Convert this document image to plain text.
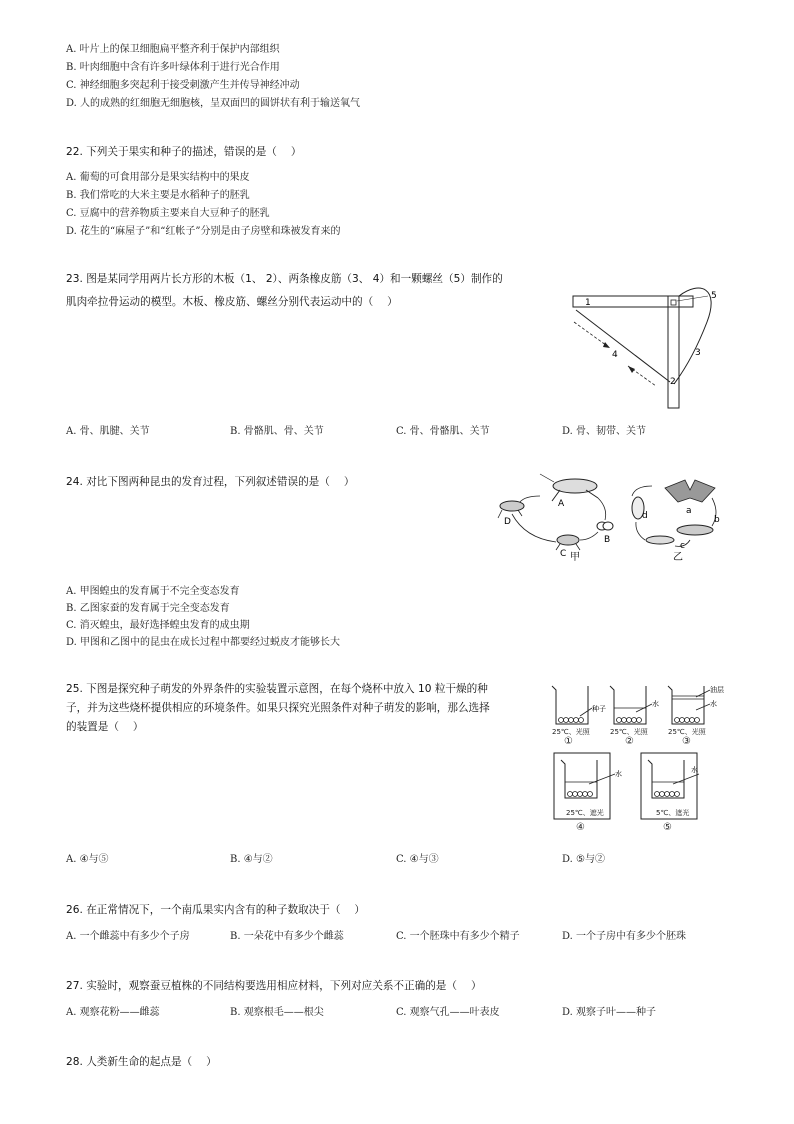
A. 叶片上的保卫细胞扁平整齐利于保护内部组织
B. 叶肉细胞中含有许多叶绿体利于进行光合作用
C. 神经细胞多突起利于接受刺激产生并传导神经冲动
D. 人的成熟的红细胞无细胞核，呈双面凹的圆饼状有利于输送氧气
22. 下列关于果实和种子的描述，错误的是（　 ）
A. 葡萄的可食用部分是果实结构中的果皮
B. 我们常吃的大米主要是水稻种子的胚乳
C. 豆腐中的营养物质主要来自大豆种子的胚乳
D. 花生的“麻屋子”和“红帐子”分别是由子房壁和珠被发育来的
23. 图是某同学用两片长方形的木板（1、 2）、两条橡皮筋（3、 4）和一颗螺丝（5）制作的
肌肉牵拉骨运动的模型。木板、橡皮筋、螺丝分别代表运动中的（　 ）	1
2
3
4
5
A. 骨、肌腱、关节	B. 骨骼肌、骨、关节	C. 骨、骨骼肌、关节	D. 骨、韧带、关节
24. 对比下图两种昆虫的发育过程，下列叙述错误的是（　 ）
A
B
C
D
甲
a
b
c
d
乙
A. 甲图蝗虫的发育属于不完全变态发育
B. 乙图家蚕的发育属于完全变态发育
C. 消灭蝗虫，最好选择蝗虫发育的成虫期
D. 甲图和乙图中的昆虫在成长过程中都要经过蜕皮才能够长大
25. 下图是探究种子萌发的外界条件的实验装置示意图，在每个烧杯中放入 10 粒干燥的种
子，并为这些烧杯提供相应的环境条件。如果只探究光照条件对种子萌发的影响，那么选择
的装置是（　 ）
种子
水
油层
水
25℃、光照	25℃、光照	25℃、光照
①	②	③
水	水
25℃、遮光	5℃、遮光
④	⑤
A. ④与⑤	B. ④与②	C. ④与③	D. ⑤与②
26. 在正常情况下，一个南瓜果实内含有的种子数取决于（　 ）
A. 一个雌蕊中有多少个子房	B. 一朵花中有多少个雌蕊	C. 一个胚珠中有多少个精子	D. 一个子房中有多少个胚珠
27. 实验时，观察蚕豆植株的不同结构要选用相应材料，下列对应关系不正确的是（　 ）
A. 观察花粉——雌蕊	B. 观察根毛——根尖	C. 观察气孔——叶表皮	D. 观察子叶——种子
28. 人类新生命的起点是（　 ）
